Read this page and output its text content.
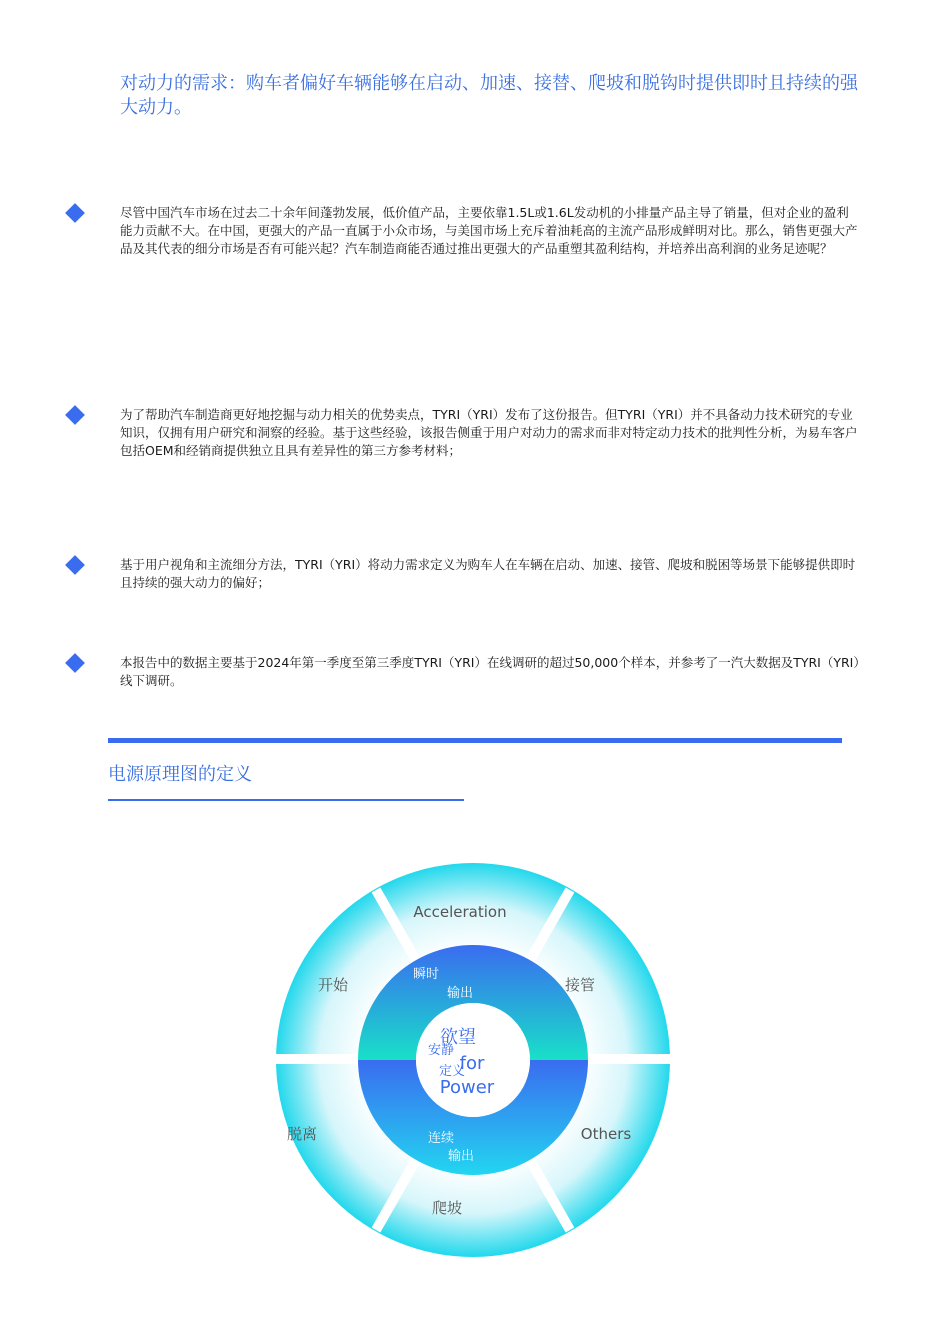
对动力的需求：购车者偏好车辆能够在启动、加速、接替、爬坡和脱钩时提供即时且持续的强大动力。
尽管中国汽车市场在过去二十余年间蓬勃发展，低价值产品，主要依靠1.5L或1.6L发动机的小排量产品主导了销量，但对企业的盈利能力贡献不大。在中国，更强大的产品一直属于小众市场，与美国市场上充斥着油耗高的主流产品形成鲜明对比。那么，销售更强大产品及其代表的细分市场是否有可能兴起？汽车制造商能否通过推出更强大的产品重塑其盈利结构，并培养出高利润的业务足迹呢？
为了帮助汽车制造商更好地挖掘与动力相关的优势卖点，TYRI（YRI）发布了这份报告。但TYRI（YRI）并不具备动力技术研究的专业知识，仅拥有用户研究和洞察的经验。基于这些经验，该报告侧重于用户对动力的需求而非对特定动力技术的批判性分析，为易车客户包括OEM和经销商提供独立且具有差异性的第三方参考材料；
基于用户视角和主流细分方法，TYRI（YRI）将动力需求定义为购车人在车辆在启动、加速、接管、爬坡和脱困等场景下能够提供即时且持续的强大动力的偏好；
本报告中的数据主要基于2024年第一季度至第三季度TYRI（YRI）在线调研的超过50,000个样本，并参考了一汽大数据及TYRI（YRI）线下调研。
电源原理图的定义
Acceleration
开始	接管
脱离	Others
爬坡
瞬时
输出
连续
输出
欲望
for
Power
安静
定义
